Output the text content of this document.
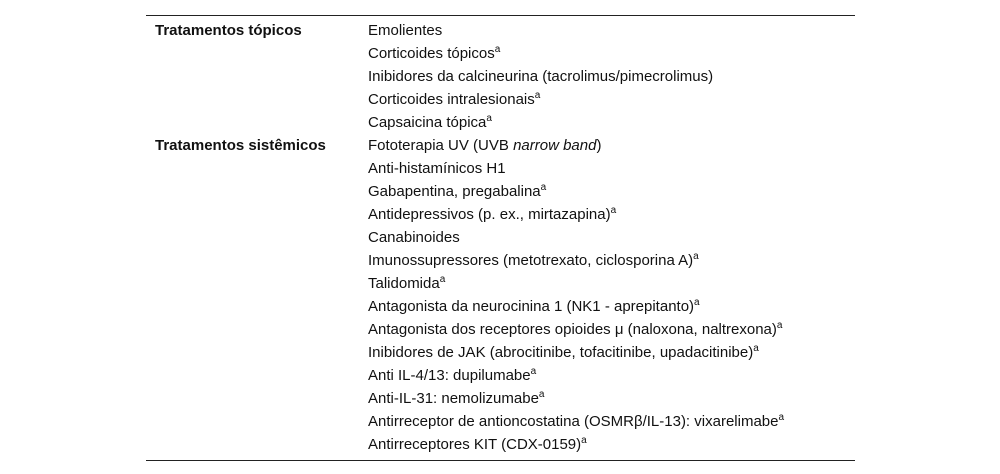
Tratamentos tópicos	Emolientes
Corticoides tópicos$^a$
Inibidores da calcineurina (tacrolimus/pimecrolimus)
Corticoides intralesionais$^a$
Capsaicina tópica$^a$
Tratamentos sistêmicos	Fototerapia UV (UVB narrow band)
Anti-histamínicos H1
Gabapentina, pregabalina$^a$
Antidepressivos (p. ex., mirtazapina)$^a$
Canabinoides
Imunossupressores (metotrexato, ciclosporina A)$^a$
Talidomida$^a$
Antagonista da neurocinina 1 (NK1 - aprepitanto)$^a$
Antagonista dos receptores opioides μ (naloxona, naltrexona)$^a$
Inibidores de JAK (abrocitinibe, tofacitinibe, upadacitinibe)$^a$
Anti IL-4/13: dupilumabe$^a$
Anti-IL-31: nemolizumabe$^a$
Antirreceptor de antioncostatina (OSMRβ/IL-13): vixarelimabe$^a$
Antirreceptores KIT $(CDX-0159)^a$
